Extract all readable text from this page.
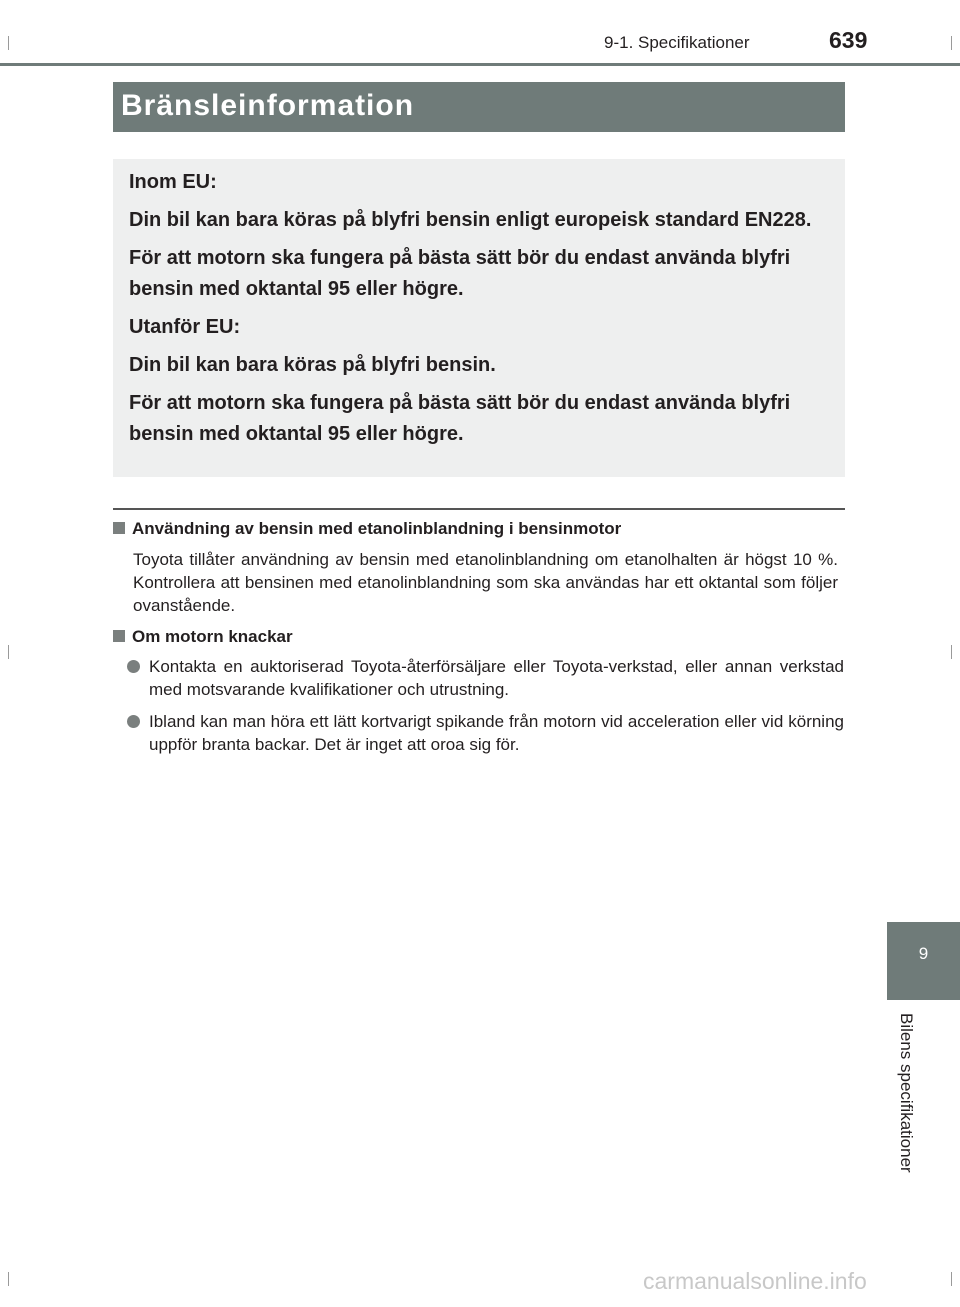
9-1. Specifikationer	639
Bränsleinformation

Inom EU:

Din bil kan bara köras på blyfri bensin enligt europeisk standard EN228.

För att motorn ska fungera på bästa sätt bör du endast använda blyfri bensin med oktantal 95 eller högre.

Utanför EU:

Din bil kan bara köras på blyfri bensin.

För att motorn ska fungera på bästa sätt bör du endast använda blyfri bensin med oktantal 95 eller högre.

Användning av bensin med etanolinblandning i bensinmotor
Toyota tillåter användning av bensin med etanolinblandning om etanolhalten är högst 10 %. Kontrollera att bensinen med etanolinblandning som ska användas har ett oktantal som följer ovanstående.
Om motorn knackar
Kontakta en auktoriserad Toyota-återförsäljare eller Toyota-verkstad, eller annan verkstad med motsvarande kvalifikationer och utrustning.
Ibland kan man höra ett lätt kortvarigt spikande från motorn vid acceleration eller vid körning uppför branta backar. Det är inget att oroa sig för.
9
Bilens specifikationer
carmanualsonline.info
